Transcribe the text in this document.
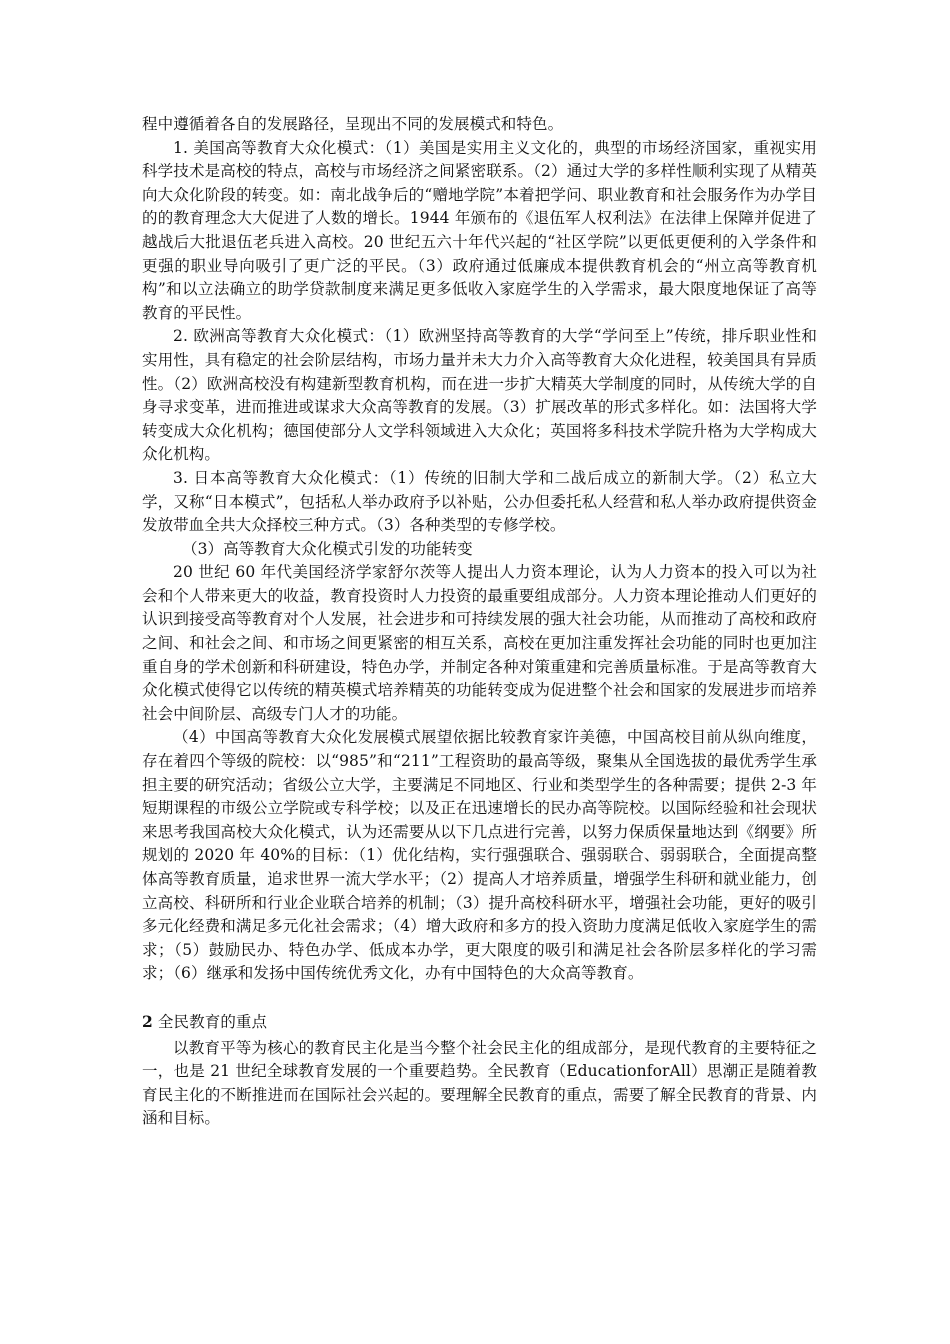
程中遵循着各自的发展路径，呈现出不同的发展模式和特色。

1. 美国高等教育大众化模式：（1）美国是实用主义文化的，典型的市场经济国家，重视实用科学技术是高校的特点，高校与市场经济之间紧密联系。（2）通过大学的多样性顺利实现了从精英向大众化阶段的转变。如：南北战争后的“赠地学院”本着把学问、职业教育和社会服务作为办学目的的教育理念大大促进了人数的增长。1944 年颁布的《退伍军人权利法》在法律上保障并促进了越战后大批退伍老兵进入高校。20 世纪五六十年代兴起的“社区学院”以更低更便利的入学条件和更强的职业导向吸引了更广泛的平民。（3）政府通过低廉成本提供教育机会的“州立高等教育机构”和以立法确立的助学贷款制度来满足更多低收入家庭学生的入学需求，最大限度地保证了高等教育的平民性。

2. 欧洲高等教育大众化模式：（1）欧洲坚持高等教育的大学“学问至上”传统，排斥职业性和实用性，具有稳定的社会阶层结构，市场力量并未大力介入高等教育大众化进程，较美国具有异质性。（2）欧洲高校没有构建新型教育机构，而在进一步扩大精英大学制度的同时，从传统大学的自身寻求变革，进而推进或谋求大众高等教育的发展。（3）扩展改革的形式多样化。如：法国将大学转变成大众化机构；德国使部分人文学科领域进入大众化；英国将多科技术学院升格为大学构成大众化机构。

3. 日本高等教育大众化模式：（1）传统的旧制大学和二战后成立的新制大学。（2）私立大学，又称“日本模式”，包括私人举办政府予以补贴，公办但委托私人经营和私人举办政府提供资金发放带血全共大众择校三种方式。（3）各种类型的专修学校。

（3）高等教育大众化模式引发的功能转变

20 世纪 60 年代美国经济学家舒尔茨等人提出人力资本理论，认为人力资本的投入可以为社会和个人带来更大的收益，教育投资时人力投资的最重要组成部分。人力资本理论推动人们更好的认识到接受高等教育对个人发展，社会进步和可持续发展的强大社会功能，从而推动了高校和政府之间、和社会之间、和市场之间更紧密的相互关系，高校在更加注重发挥社会功能的同时也更加注重自身的学术创新和科研建设，特色办学，并制定各种对策重建和完善质量标准。于是高等教育大众化模式使得它以传统的精英模式培养精英的功能转变成为促进整个社会和国家的发展进步而培养社会中间阶层、高级专门人才的功能。

（4）中国高等教育大众化发展模式展望依据比较教育家许美德，中国高校目前从纵向维度，存在着四个等级的院校：以“985”和“211”工程资助的最高等级，聚集从全国选拔的最优秀学生承担主要的研究活动；省级公立大学，主要满足不同地区、行业和类型学生的各种需要；提供 2-3 年短期课程的市级公立学院或专科学校；以及正在迅速增长的民办高等院校。以国际经验和社会现状来思考我国高校大众化模式，认为还需要从以下几点进行完善，以努力保质保量地达到《纲要》所规划的 2020 年 40%的目标：（1）优化结构，实行强强联合、强弱联合、弱弱联合，全面提高整体高等教育质量，追求世界一流大学水平；（2）提高人才培养质量，增强学生科研和就业能力，创立高校、科研所和行业企业联合培养的机制；（3）提升高校科研水平，增强社会功能，更好的吸引多元化经费和满足多元化社会需求；（4）增大政府和多方的投入资助力度满足低收入家庭学生的需求；（5）鼓励民办、特色办学、低成本办学，更大限度的吸引和满足社会各阶层多样化的学习需求；（6）继承和发扬中国传统优秀文化，办有中国特色的大众高等教育。

2 全民教育的重点

以教育平等为核心的教育民主化是当今整个社会民主化的组成部分，是现代教育的主要特征之一，也是 21 世纪全球教育发展的一个重要趋势。全民教育（EducationforAll）思潮正是随着教育民主化的不断推进而在国际社会兴起的。要理解全民教育的重点，需要了解全民教育的背景、内涵和目标。
